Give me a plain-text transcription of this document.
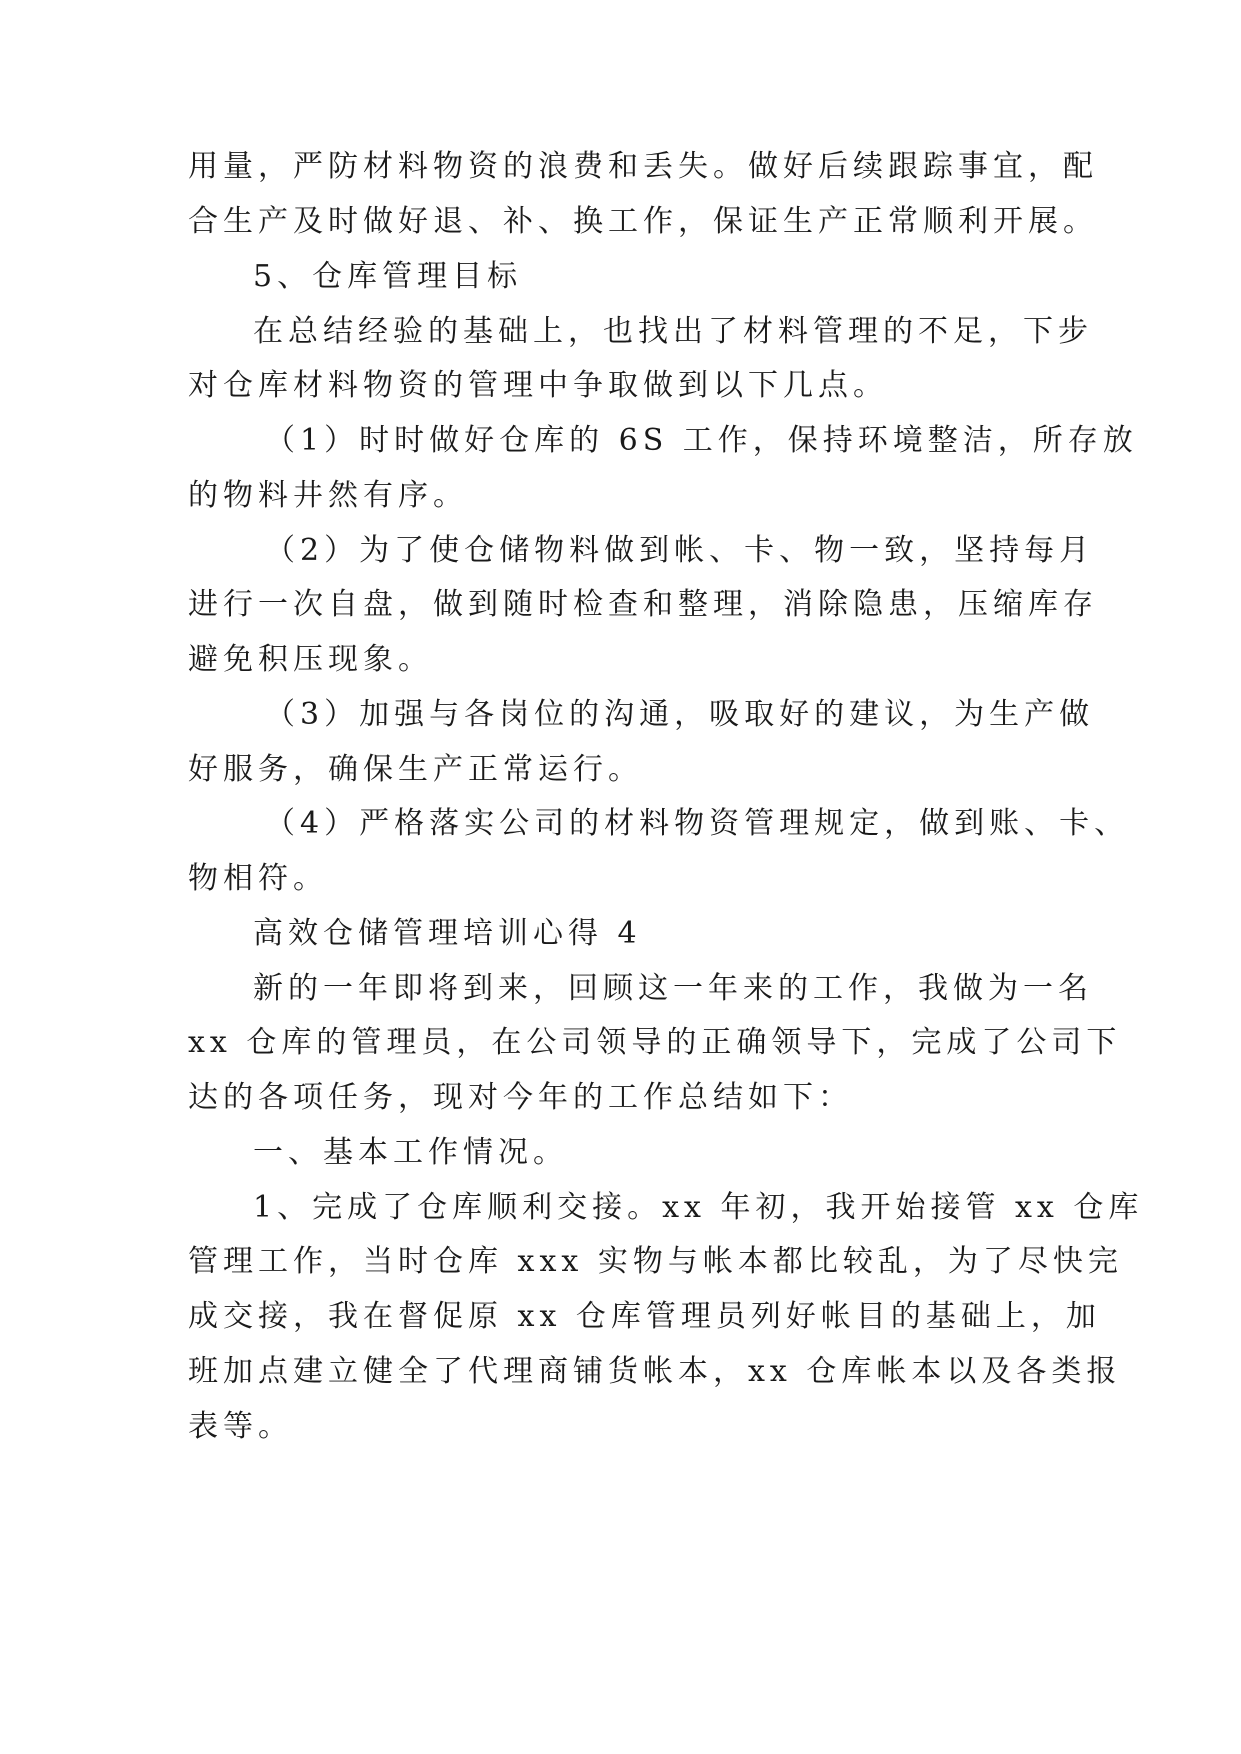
用量，严防材料物资的浪费和丢失。做好后续跟踪事宜，配
合生产及时做好退、补、换工作，保证生产正常顺利开展。
5、仓库管理目标
在总结经验的基础上，也找出了材料管理的不足，下步
对仓库材料物资的管理中争取做到以下几点。
（1）时时做好仓库的 6S 工作，保持环境整洁，所存放
的物料井然有序。
（2）为了使仓储物料做到帐、卡、物一致，坚持每月
进行一次自盘，做到随时检查和整理，消除隐患，压缩库存
避免积压现象。
（3）加强与各岗位的沟通，吸取好的建议，为生产做
好服务，确保生产正常运行。
（4）严格落实公司的材料物资管理规定，做到账、卡、
物相符。
高效仓储管理培训心得 4
新的一年即将到来，回顾这一年来的工作，我做为一名
xx 仓库的管理员，在公司领导的正确领导下，完成了公司下
达的各项任务，现对今年的工作总结如下：
一、基本工作情况。
1、完成了仓库顺利交接。xx 年初，我开始接管 xx 仓库
管理工作，当时仓库 xxx 实物与帐本都比较乱，为了尽快完
成交接，我在督促原 xx 仓库管理员列好帐目的基础上，加
班加点建立健全了代理商铺货帐本，xx 仓库帐本以及各类报
表等。
